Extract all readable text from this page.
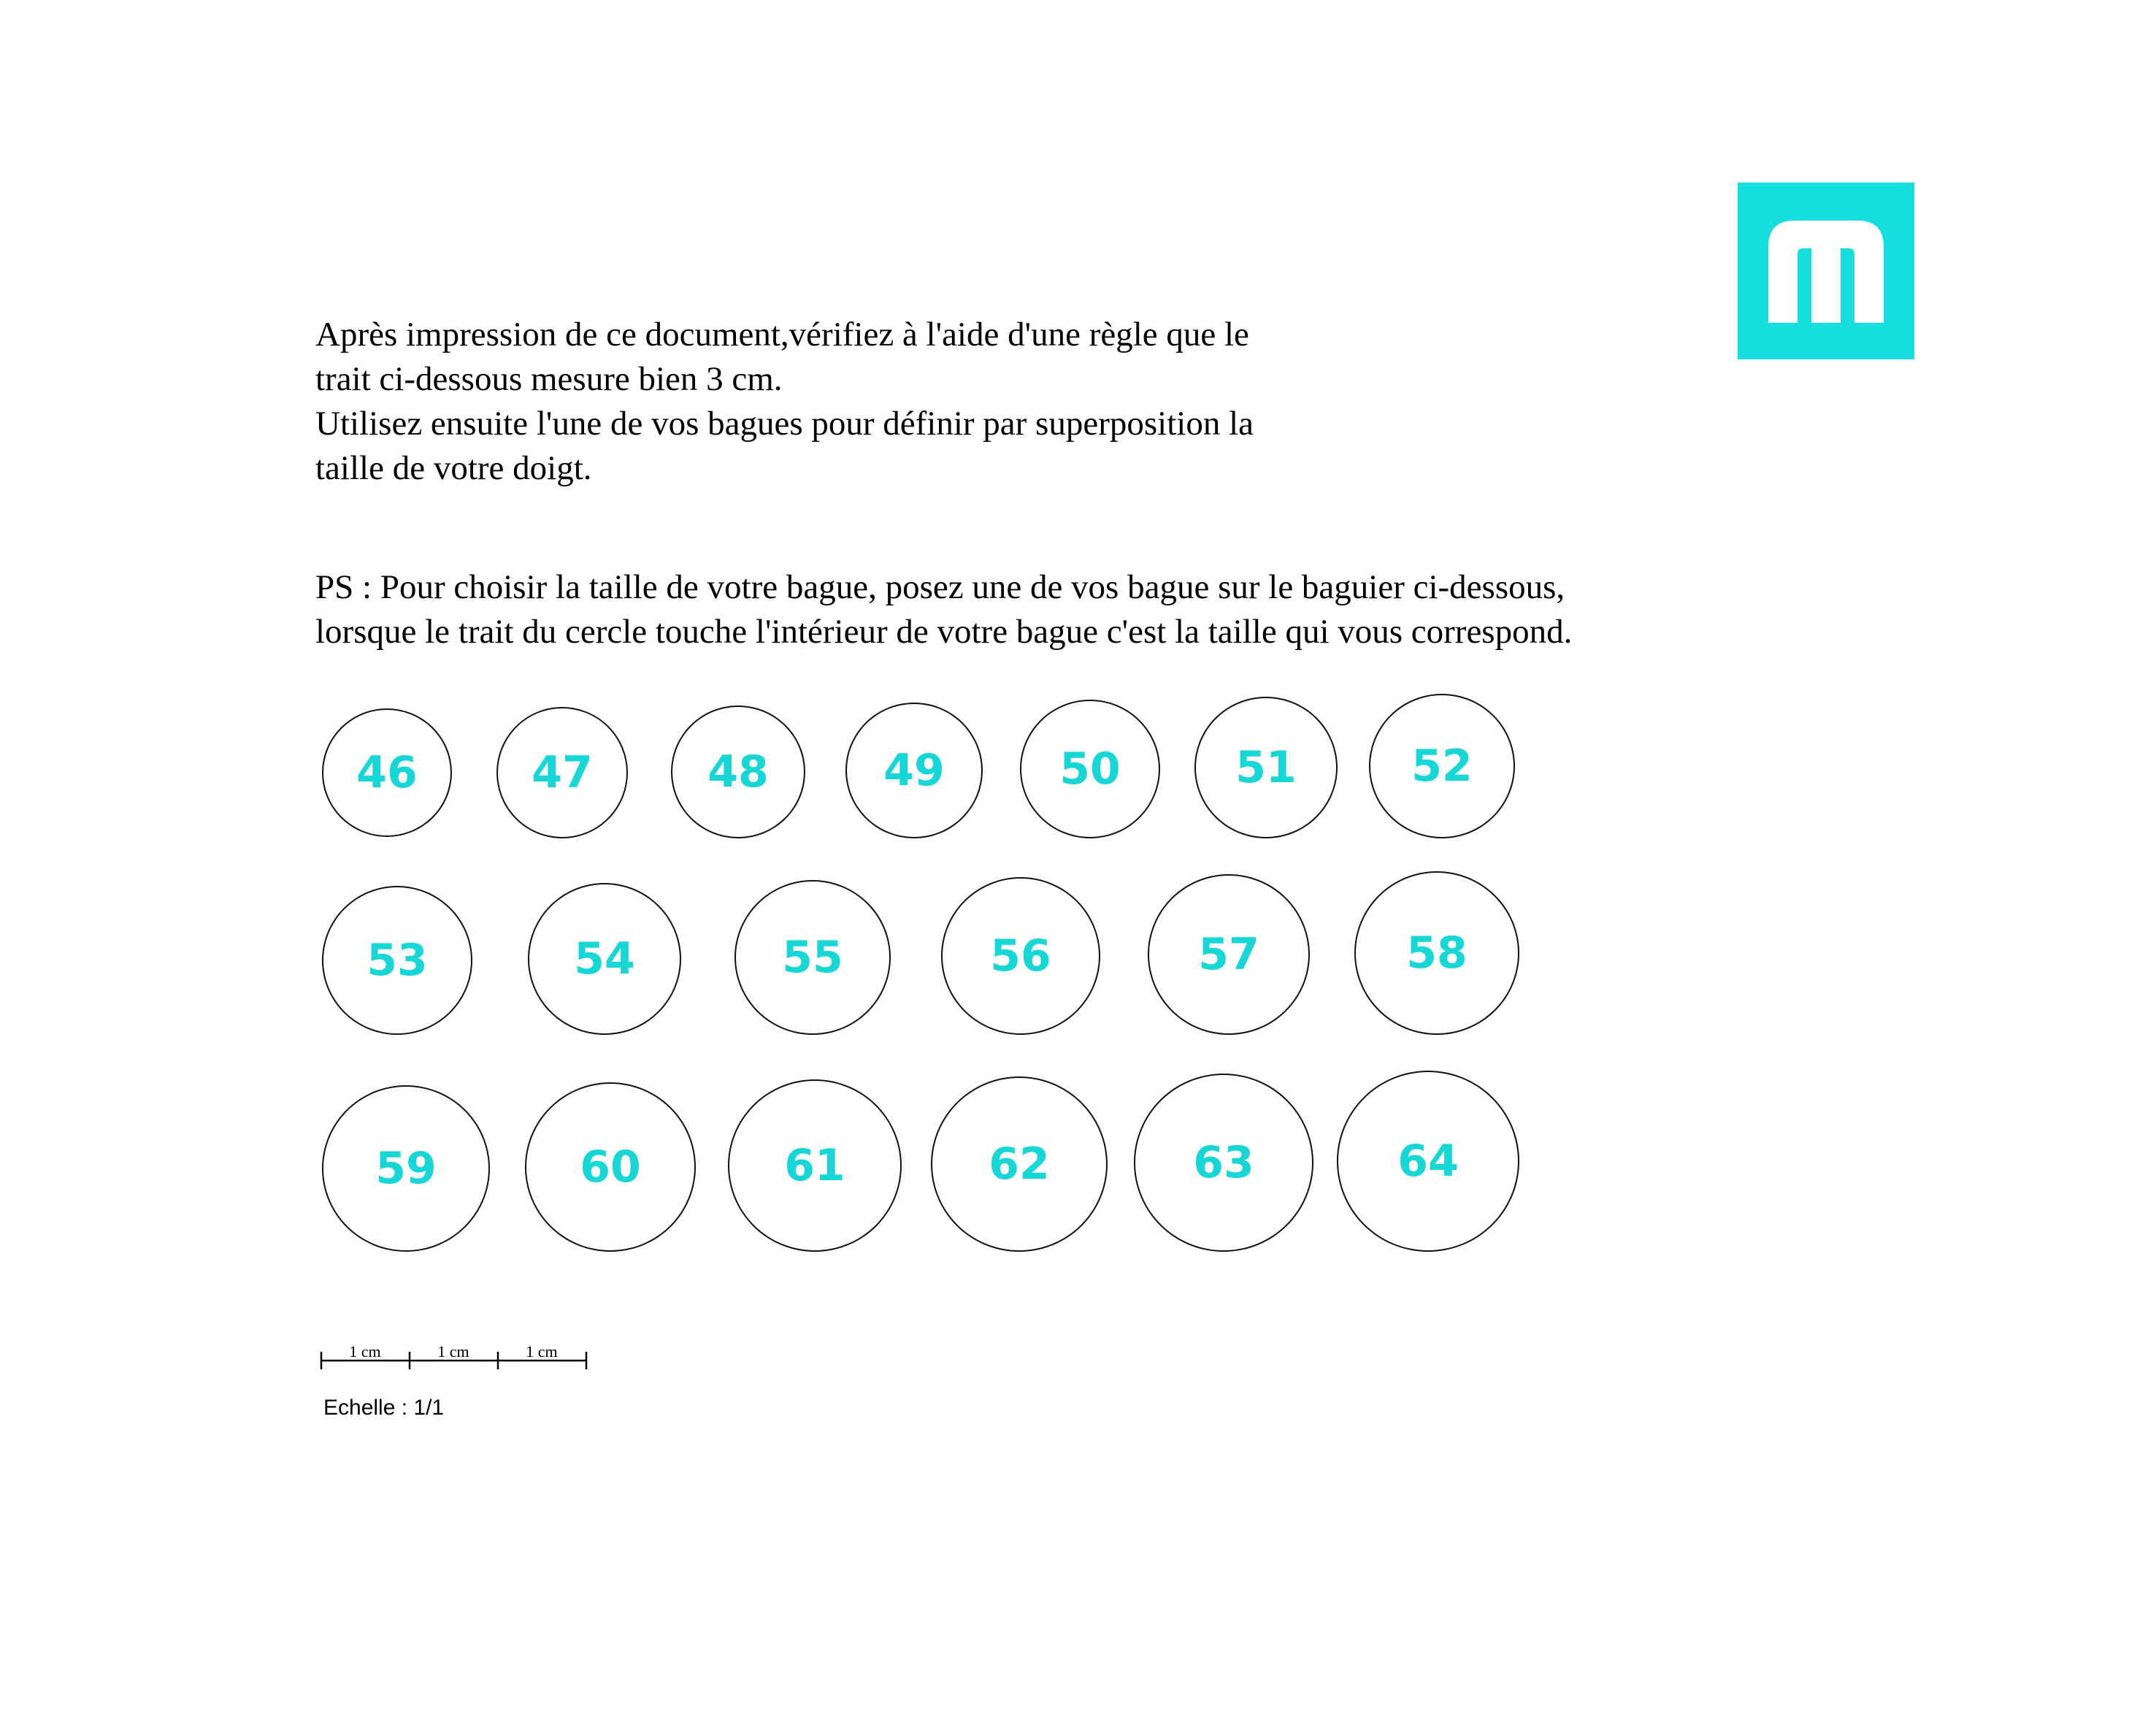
Après impression de ce document,vérifiez à l'aide d'une règle que le
trait ci-dessous mesure bien 3 cm.
Utilisez ensuite l'une de vos bagues pour définir par superposition la
taille de votre doigt.

PS : Pour choisir la taille de votre bague, posez une de vos bague sur le baguier ci-dessous,
lorsque le trait du cercle touche l'intérieur de votre bague c'est la taille qui vous correspond.

46	47	48	49	50	51	52
53	54	55	56	57	58
59	60	61	62	63	64
1 cm	1 cm	1 cm
Echelle : 1/1
